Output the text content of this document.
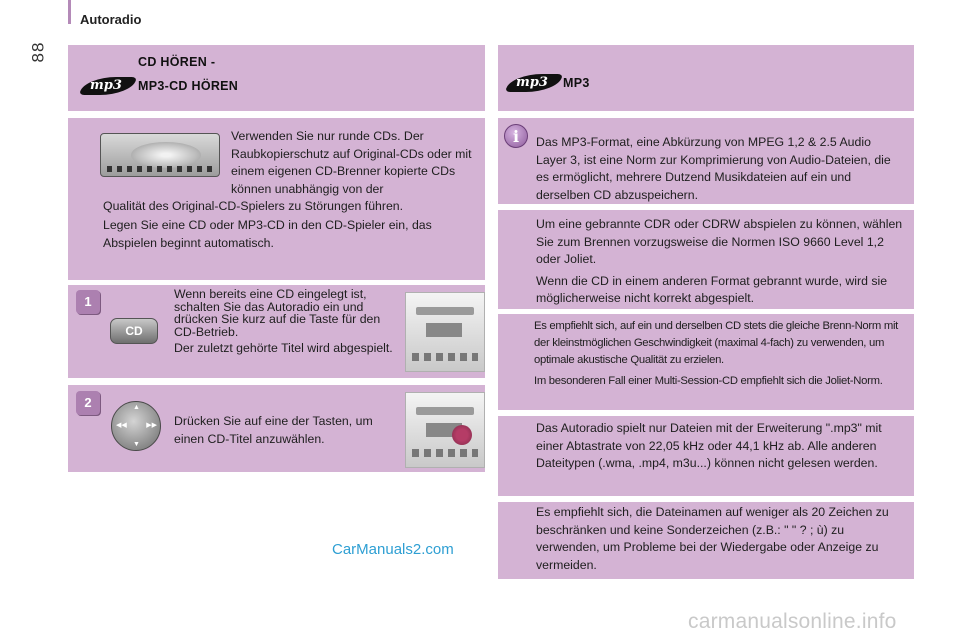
Autoradio
88	CD HÖREN -
mp3 MP3-CD HÖREN
Verwenden Sie nur runde CDs. Der Raubkopierschutz auf Original-CDs oder mit einem eigenen CD-Brenner kopierte CDs können unabhängig von der
Qualität des Original-CD-Spielers zu Störungen führen.
Legen Sie eine CD oder MP3-CD in den CD-Spieler ein, das Abspielen beginnt automatisch.
1
CD

Wenn bereits eine CD eingelegt ist, schalten Sie das Autoradio ein und drücken Sie kurz auf die Taste für den CD-Betrieb.

Der zuletzt gehörte Titel wird abgespielt.

2	▲
▼
◀◀	▶▶ Drücken Sie auf eine der Tasten, um einen CD-Titel anzuwählen.
mp3 MP3
i	Das MP3-Format, eine Abkürzung von MPEG 1,2 & 2.5 Audio Layer 3, ist eine Norm zur Komprimierung von Audio-Dateien, die es ermöglicht, mehrere Dutzend Musikdateien auf ein und derselben CD abzuspeichern.

Um eine gebrannte CDR oder CDRW abspielen zu können, wählen Sie zum Brennen vorzugsweise die Normen ISO 9660 Level 1,2 oder Joliet.

Wenn die CD in einem anderen Format gebrannt wurde, wird sie möglicherweise nicht korrekt abgespielt.

Es empfiehlt sich, auf ein und derselben CD stets die gleiche Brenn-Norm mit der kleinstmöglichen Geschwindigkeit (maximal 4-fach) zu verwenden, um optimale akustische Qualität zu erzielen.

Im besonderen Fall einer Multi-Session-CD empfiehlt sich die Joliet-Norm.

Das Autoradio spielt nur Dateien mit der Erweiterung ".mp3" mit einer Abtastrate von 22,05 kHz oder 44,1 kHz ab. Alle anderen Dateitypen (.wma, .mp4, m3u...) können nicht gelesen werden.
Es empfiehlt sich, die Dateinamen auf weniger als 20 Zeichen zu beschränken und keine Sonderzeichen (z.B.: " " ? ; ù) zu verwenden, um Probleme bei der Wiedergabe oder Anzeige zu vermeiden.
CarManuals2.com
carmanualsonline.info
